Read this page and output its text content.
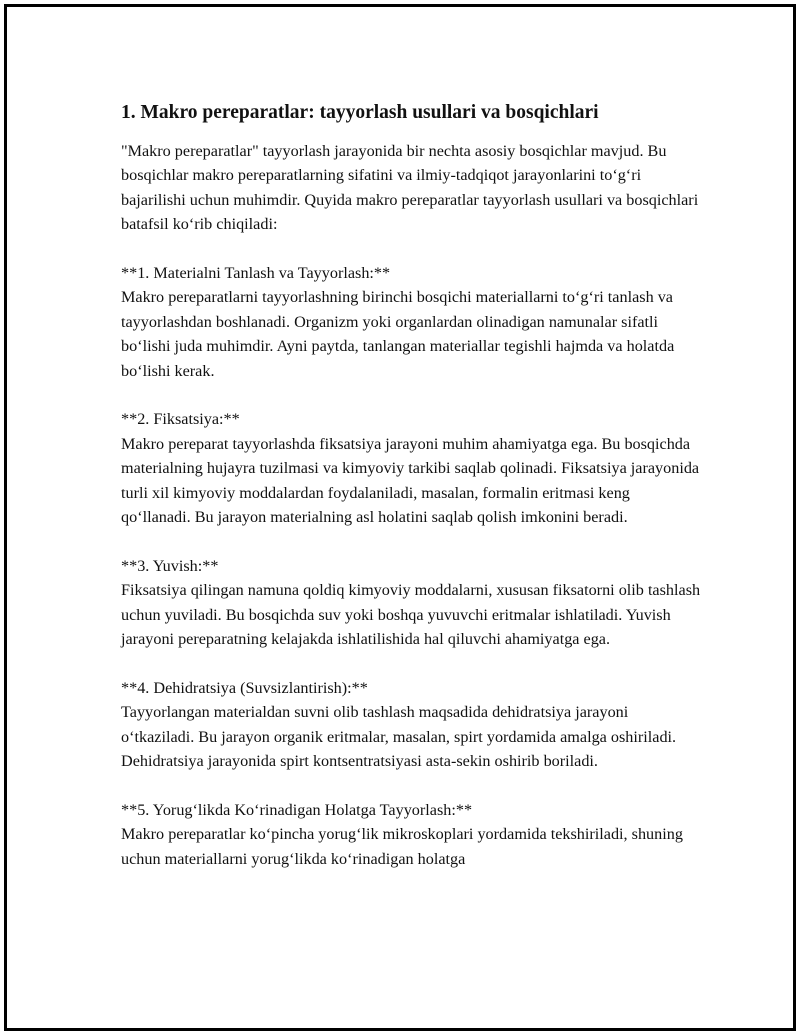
1. Makro pereparatlar: tayyorlash usullari va bosqichlari

"Makro pereparatlar" tayyorlash jarayonida bir nechta asosiy bosqichlar mavjud. Bu bosqichlar makro pereparatlarning sifatini va ilmiy-tadqiqot jarayonlarini to‘g‘ri bajarilishi uchun muhimdir. Quyida makro pereparatlar tayyorlash usullari va bosqichlari batafsil ko‘rib chiqiladi:

**1. Materialni Tanlash va Tayyorlash:**

Makro pereparatlarni tayyorlashning birinchi bosqichi materiallarni to‘g‘ri tanlash va tayyorlashdan boshlanadi. Organizm yoki organlardan olinadigan namunalar sifatli bo‘lishi juda muhimdir. Ayni paytda, tanlangan materiallar tegishli hajmda va holatda bo‘lishi kerak.

**2. Fiksatsiya:**

Makro pereparat tayyorlashda fiksatsiya jarayoni muhim ahamiyatga ega. Bu bosqichda materialning hujayra tuzilmasi va kimyoviy tarkibi saqlab qolinadi. Fiksatsiya jarayonida turli xil kimyoviy moddalardan foydalaniladi, masalan, formalin eritmasi keng qo‘llanadi. Bu jarayon materialning asl holatini saqlab qolish imkonini beradi.

**3. Yuvish:**

Fiksatsiya qilingan namuna qoldiq kimyoviy moddalarni, xususan fiksatorni olib tashlash uchun yuviladi. Bu bosqichda suv yoki boshqa yuvuvchi eritmalar ishlatiladi. Yuvish jarayoni pereparatning kelajakda ishlatilishida hal qiluvchi ahamiyatga ega.

**4. Dehidratsiya (Suvsizlantirish):**

Tayyorlangan materialdan suvni olib tashlash maqsadida dehidratsiya jarayoni o‘tkaziladi. Bu jarayon organik eritmalar, masalan, spirt yordamida amalga oshiriladi. Dehidratsiya jarayonida spirt kontsentratsiyasi asta-sekin oshirib boriladi.

**5. Yorug‘likda Ko‘rinadigan Holatga Tayyorlash:**

Makro pereparatlar ko‘pincha yorug‘lik mikroskoplari yordamida tekshiriladi, shuning uchun materiallarni yorug‘likda ko‘rinadigan holatga
